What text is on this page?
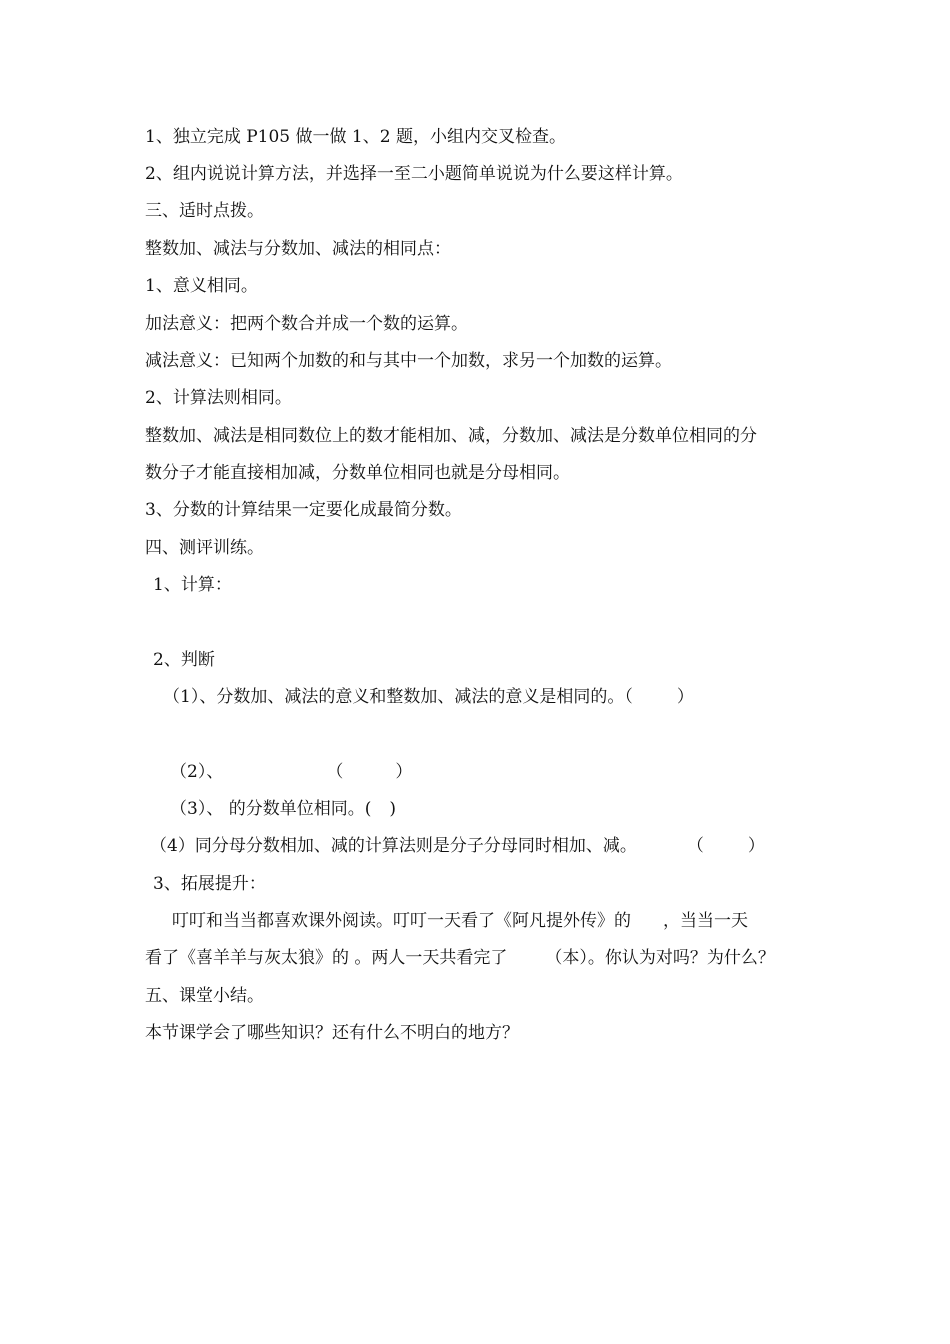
1、独立完成 P105 做一做 1、2 题，小组内交叉检查。
2、组内说说计算方法，并选择一至二小题简单说说为什么要这样计算。
三、适时点拨。
整数加、减法与分数加、减法的相同点：
1、意义相同。
加法意义：把两个数合并成一个数的运算。
减法意义：已知两个加数的和与其中一个加数，求另一个加数的运算。
2、计算法则相同。
整数加、减法是相同数位上的数才能相加、减，分数加、减法是分数单位相同的分
数分子才能直接相加减，分数单位相同也就是分母相同。
3、分数的计算结果一定要化成最简分数。
四、测评训练。
1、计算：
2、判断
（1）、分数加、减法的意义和整数加、减法的意义是相同的。（	）
（2）、	（	）
（3）、 的分数单位相同。( )
（4）同分母分数相加、减的计算法则是分子分母同时相加、减。	（	）
3、拓展提升：
叮叮和当当都喜欢课外阅读。叮叮一天看了《阿凡提外传》的 ，当当一天
看了《喜羊羊与灰太狼》的 。两人一天共看完了 （本）。你认为对吗？为什么？
五、课堂小结。
本节课学会了哪些知识？还有什么不明白的地方？
